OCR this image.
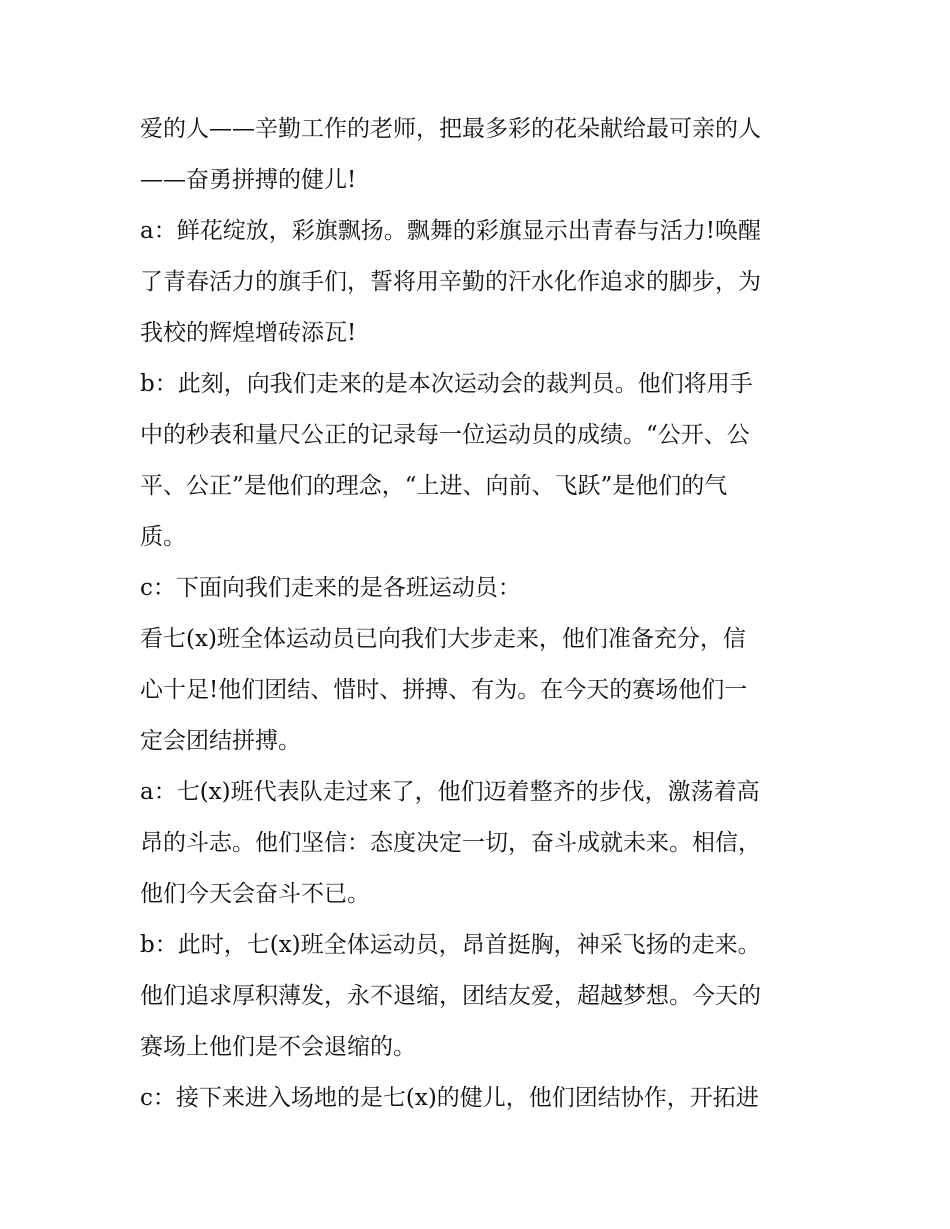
爱的人——辛勤工作的老师，把最多彩的花朵献给最可亲的人
——奋勇拼搏的健儿!
a：鲜花绽放，彩旗飘扬。飘舞的彩旗显示出青春与活力!唤醒
了青春活力的旗手们，誓将用辛勤的汗水化作追求的脚步，为
我校的辉煌增砖添瓦!
b：此刻，向我们走来的是本次运动会的裁判员。他们将用手
中的秒表和量尺公正的记录每一位运动员的成绩。“公开、公
平、公正”是他们的理念，“上进、向前、飞跃”是他们的气
质。
c：下面向我们走来的是各班运动员：
看七(x)班全体运动员已向我们大步走来，他们准备充分，信
心十足!他们团结、惜时、拼搏、有为。在今天的赛场他们一
定会团结拼搏。
a：七(x)班代表队走过来了，他们迈着整齐的步伐，激荡着高
昂的斗志。他们坚信：态度决定一切，奋斗成就未来。相信，
他们今天会奋斗不已。
b：此时，七(x)班全体运动员，昂首挺胸，神采飞扬的走来。
他们追求厚积薄发，永不退缩，团结友爱，超越梦想。今天的
赛场上他们是不会退缩的。
c：接下来进入场地的是七(x)的健儿，他们团结协作，开拓进
